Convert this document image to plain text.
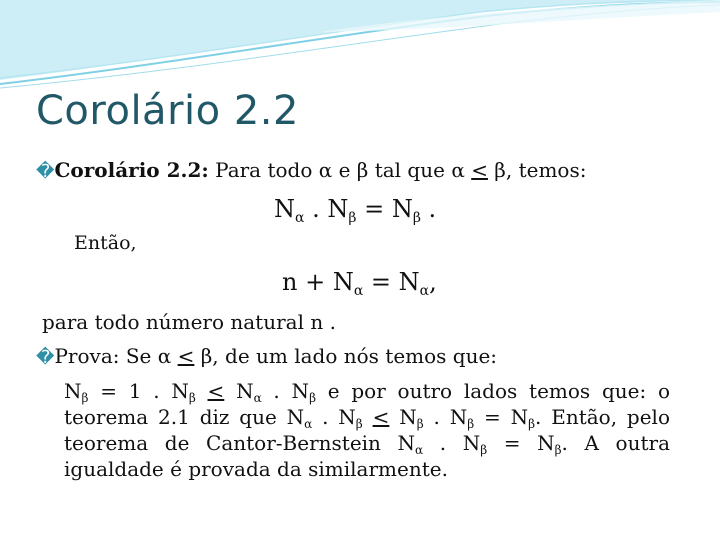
Corolário 2.2
�Corolário 2.2: Para todo α e β tal que α ≤ β, temos:
$N_\alpha$ . $N_\beta = N_\beta$ .
Então,
$n + N_\alpha = N_\alpha$,
para todo número natural n .
�Prova: Se α ≤ β, de um lado nós temos que:
$N_\beta = 1$ . $N_\beta \le N_\alpha$ . $N_\beta$ e por outro lados temos que: o
teorema 2.1 diz que $N_\alpha$ . $N_\beta \le N_\beta$ . $N_\beta = N_\beta$. Então, pelo
teorema de Cantor-Bernstein $N_\alpha$ . $N_\beta = N_\beta$. A outra
igualdade é provada da similarmente.
